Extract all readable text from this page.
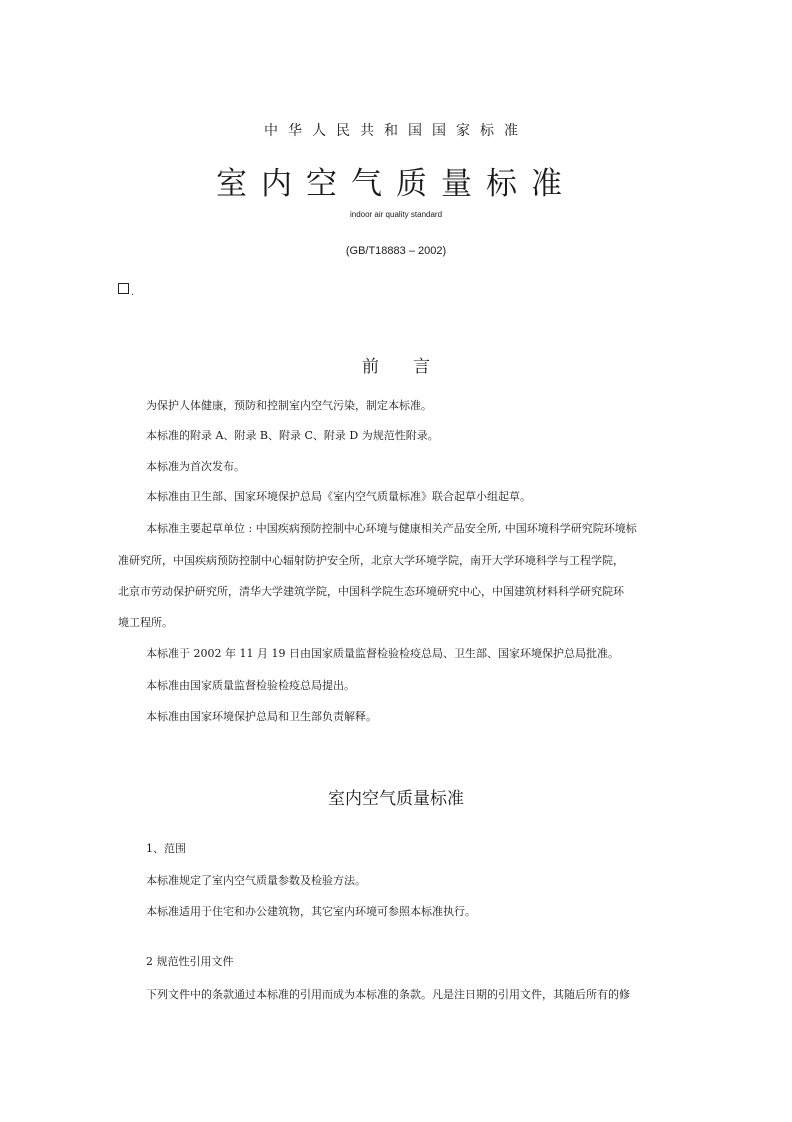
中华人民共和国国家标准
室内空气质量标准
indoor air quality standard
(GB/T18883 – 2002)
.
前言
为保护人体健康，预防和控制室内空气污染，制定本标准。
本标准的附录 A、附录 B、附录 C、附录 D 为规范性附录。
本标准为首次发布。
本标准由卫生部、国家环境保护总局《室内空气质量标准》联合起草小组起草。
本标准主要起草单位 : 中国疾病预防控制中心环境与健康相关产品安全所, 中国环境科学研究院环境标
准研究所，中国疾病预防控制中心辐射防护安全所，北京大学环境学院，南开大学环境科学与工程学院，
北京市劳动保护研究所，清华大学建筑学院，中国科学院生态环境研究中心，中国建筑材料科学研究院环
境工程所。
本标准于 2002 年 11 月 19 日由国家质量监督检验检疫总局、卫生部、国家环境保护总局批准。
本标准由国家质量监督检验检疫总局提出。
本标准由国家环境保护总局和卫生部负责解释。
室内空气质量标准
1、范围
本标准规定了室内空气质量参数及检验方法。
本标准适用于住宅和办公建筑物，其它室内环境可参照本标准执行。
2 规范性引用文件
下列文件中的条款通过本标准的引用而成为本标准的条款。凡是注日期的引用文件，其随后所有的修
